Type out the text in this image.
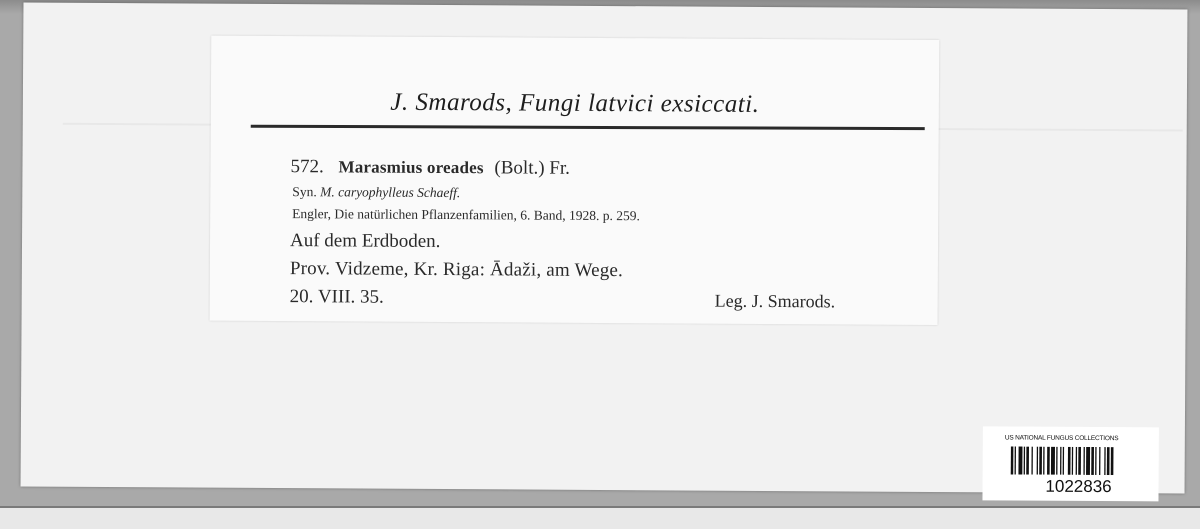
J. Smarods, Fungi latvici exsiccati.
572. Marasmius oreades (Bolt.) Fr.
Syn. M. caryophylleus Schaeff.
Engler, Die natürlichen Pflanzenfamilien, 6. Band, 1928. p. 259.
Auf dem Erdboden.
Prov. Vidzeme, Kr. Riga: Ādaži, am Wege.
20. VIII. 35.	Leg. J. Smarods.
US NATIONAL FUNGUS COLLECTIONS
1022836
